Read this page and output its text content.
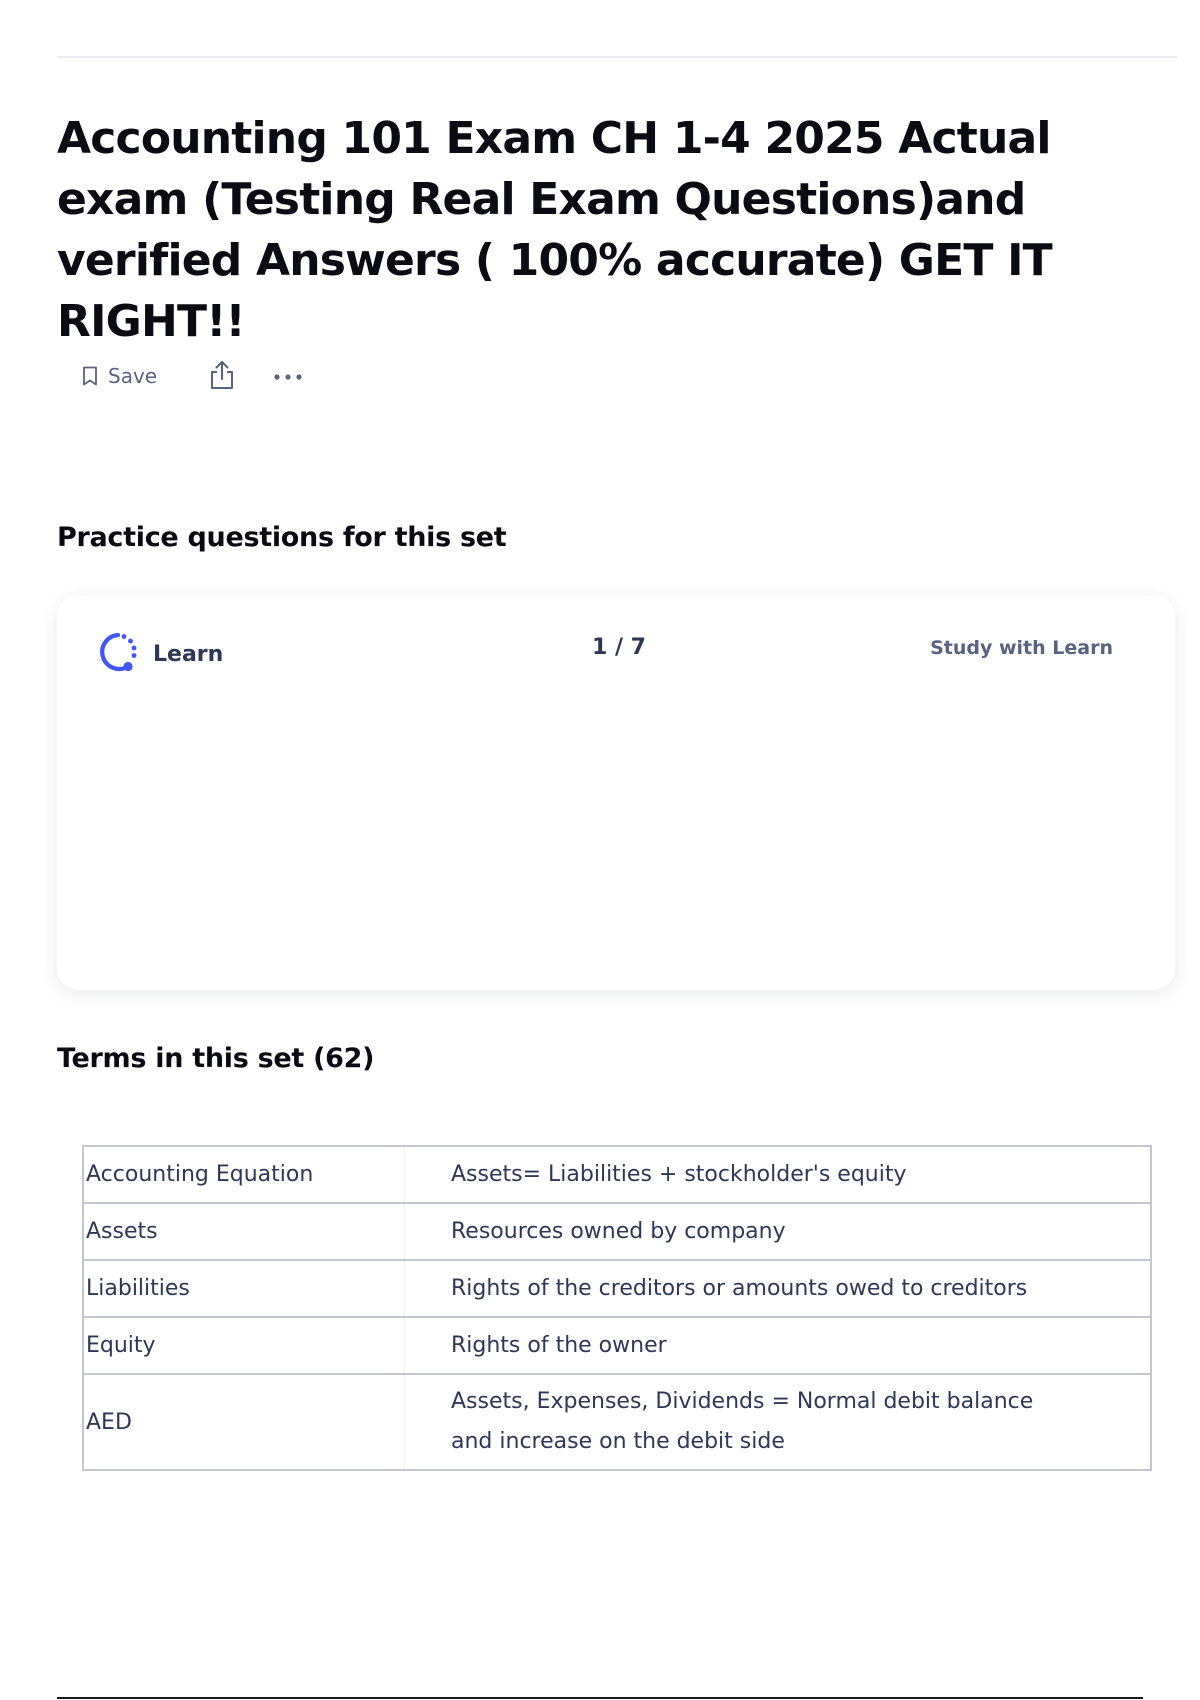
Accounting 101 Exam CH 1-4 2025 Actual exam (Testing Real Exam Questions)and verified Answers ( 100% accurate) GET IT RIGHT!!
Save
Practice questions for this set
Learn	1 / 7	Study with Learn
Terms in this set (62)
Accounting Equation	Assets= Liabilities + stockholder's equity
Assets	Resources owned by company
Liabilities	Rights of the creditors or amounts owed to creditors
Equity	Rights of the owner
AED	Assets, Expenses, Dividends = Normal debit balance
and increase on the debit side
